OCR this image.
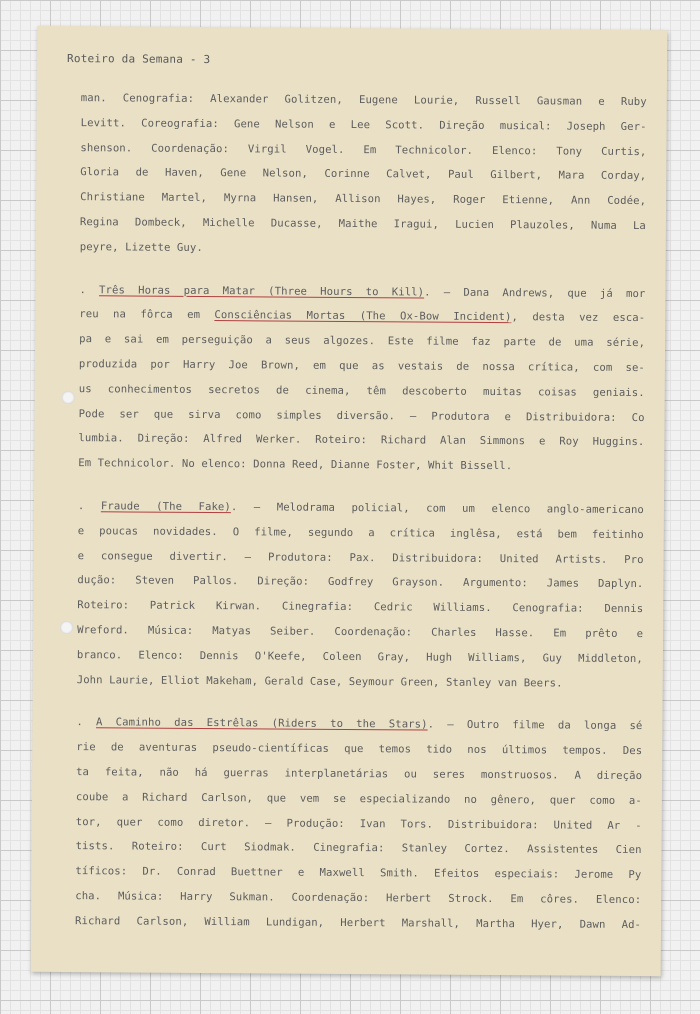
Roteiro da Semana - 3
man. Cenografia: Alexander Golitzen, Eugene Lourie, Russell Gausman e Ruby
Levitt. Coreografia: Gene Nelson e Lee Scott. Direção musical: Joseph Ger-
shenson. Coordenação: Virgil Vogel. Em Technicolor. Elenco: Tony Curtis,
Gloria de Haven, Gene Nelson, Corinne Calvet, Paul Gilbert, Mara Corday,
Christiane Martel, Myrna Hansen, Allison Hayes, Roger Etienne, Ann Codée,
Regina Dombeck, Michelle Ducasse, Maithe Iragui, Lucien Plauzoles, Numa La
peyre, Lizette Guy.
. Três Horas para Matar (Three Hours to Kill). — Dana Andrews, que já mor
reu na fôrca em Consciências Mortas (The Ox-Bow Incident), desta vez esca-
pa e sai em perseguição a seus algozes. Este filme faz parte de uma série,
produzida por Harry Joe Brown, em que as vestais de nossa crítica, com se-
us conhecimentos secretos de cinema, têm descoberto muitas coisas geniais.
Pode ser que sirva como simples diversão. — Produtora e Distribuidora: Co
lumbia. Direção: Alfred Werker. Roteiro: Richard Alan Simmons e Roy Huggins.
Em Technicolor. No elenco: Donna Reed, Dianne Foster, Whit Bissell.
. Fraude (The Fake). — Melodrama policial, com um elenco anglo-americano
e poucas novidades. O filme, segundo a crítica inglêsa, está bem feitinho
e consegue divertir. — Produtora: Pax. Distribuidora: United Artists. Pro
dução: Steven Pallos. Direção: Godfrey Grayson. Argumento: James Daplyn.
Roteiro: Patrick Kirwan. Cinegrafia: Cedric Williams. Cenografia: Dennis
Wreford. Música: Matyas Seiber. Coordenação: Charles Hasse. Em prêto e
branco. Elenco: Dennis O'Keefe, Coleen Gray, Hugh Williams, Guy Middleton,
John Laurie, Elliot Makeham, Gerald Case, Seymour Green, Stanley van Beers.
. A Caminho das Estrêlas (Riders to the Stars). — Outro filme da longa sé
rie de aventuras pseudo-científicas que temos tido nos últimos tempos. Des
ta feita, não há guerras interplanetárias ou seres monstruosos. A direção
coube a Richard Carlson, que vem se especializando no gênero, quer como a-
tor, quer como diretor. — Produção: Ivan Tors. Distribuidora: United Ar -
tists. Roteiro: Curt Siodmak. Cinegrafia: Stanley Cortez. Assistentes Cien
tíficos: Dr. Conrad Buettner e Maxwell Smith. Efeitos especiais: Jerome Py
cha. Música: Harry Sukman. Coordenação: Herbert Strock. Em côres. Elenco:
Richard Carlson, William Lundigan, Herbert Marshall, Martha Hyer, Dawn Ad-
